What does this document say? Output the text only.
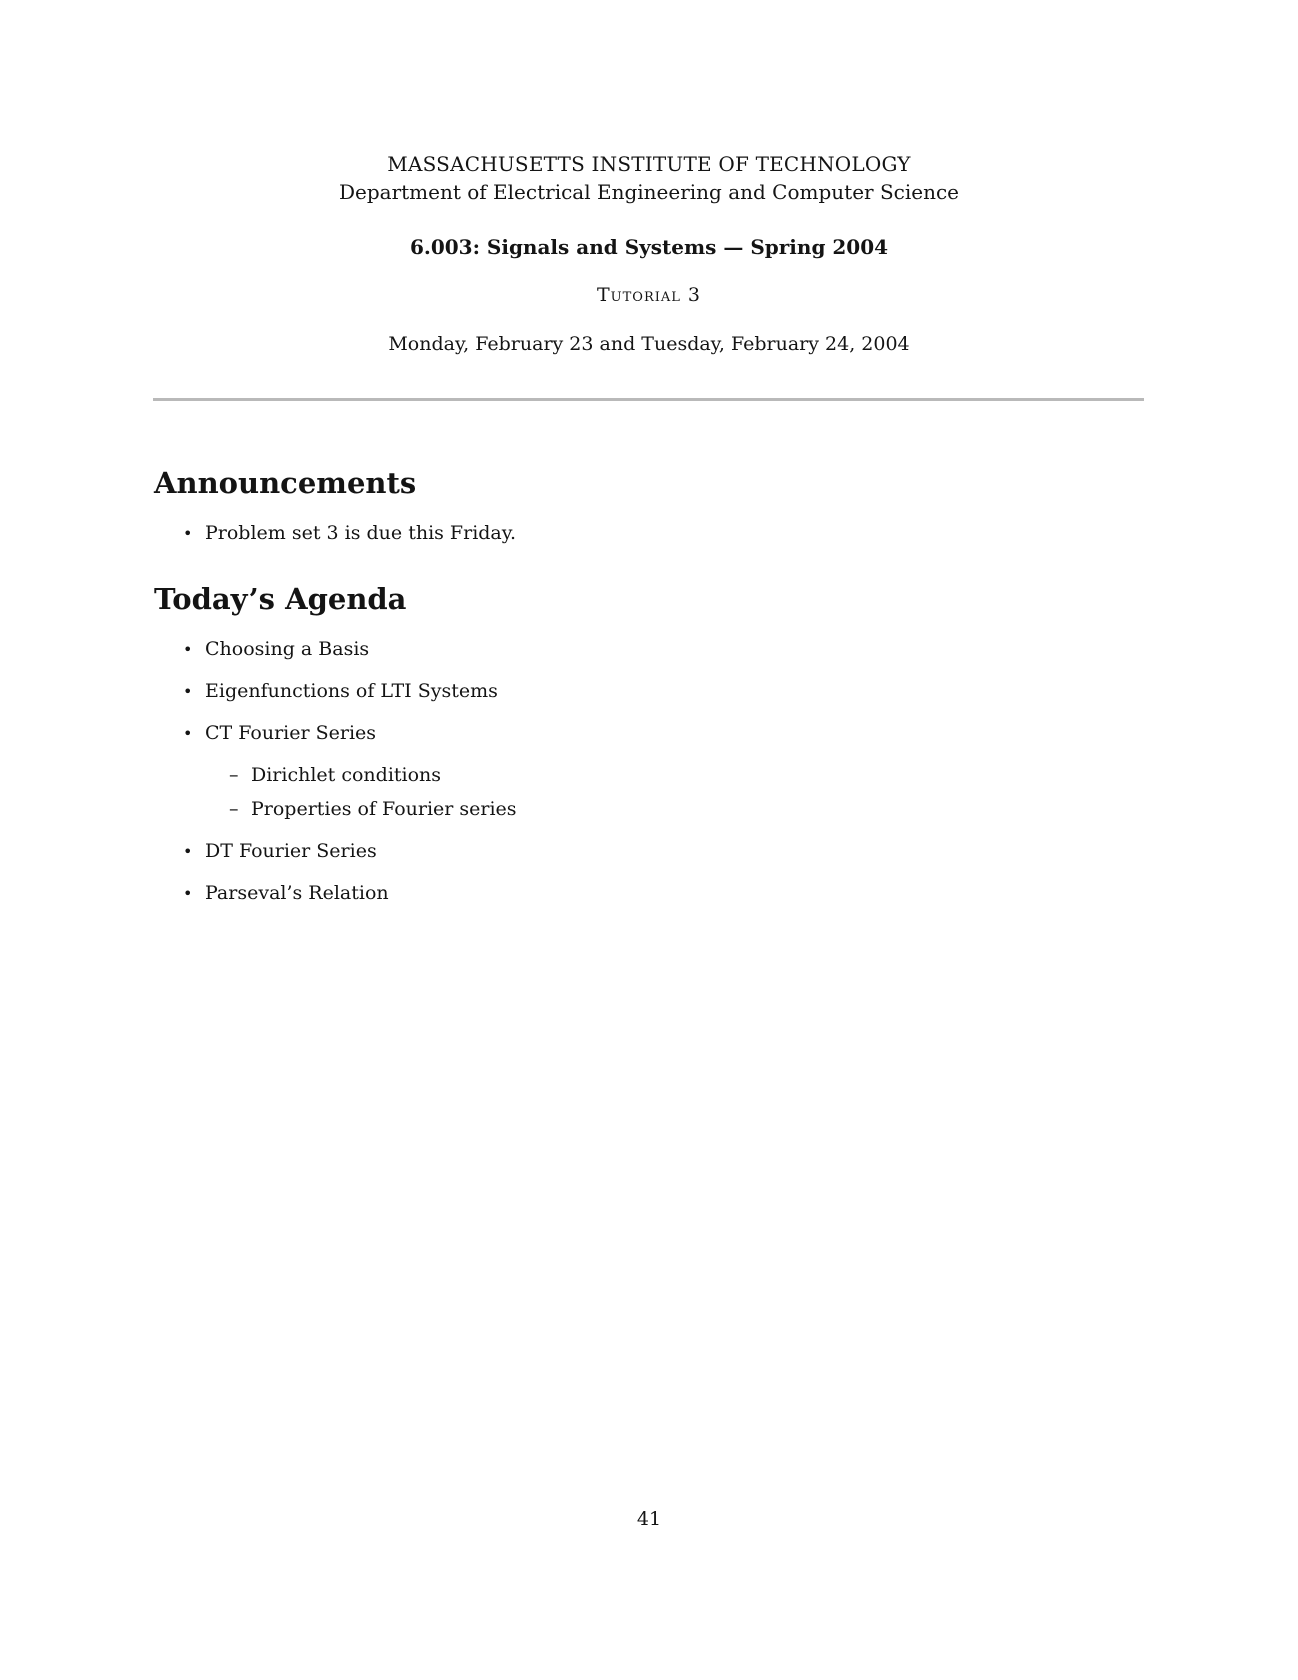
MASSACHUSETTS INSTITUTE OF TECHNOLOGY
Department of Electrical Engineering and Computer Science
6.003: Signals and Systems — Spring 2004
Tutorial 3
Monday, February 23 and Tuesday, February 24, 2004
Announcements
• Problem set 3 is due this Friday.
Today’s Agenda
• Choosing a Basis
• Eigenfunctions of LTI Systems
• CT Fourier Series
– Dirichlet conditions
– Properties of Fourier series
• DT Fourier Series
• Parseval’s Relation
41
